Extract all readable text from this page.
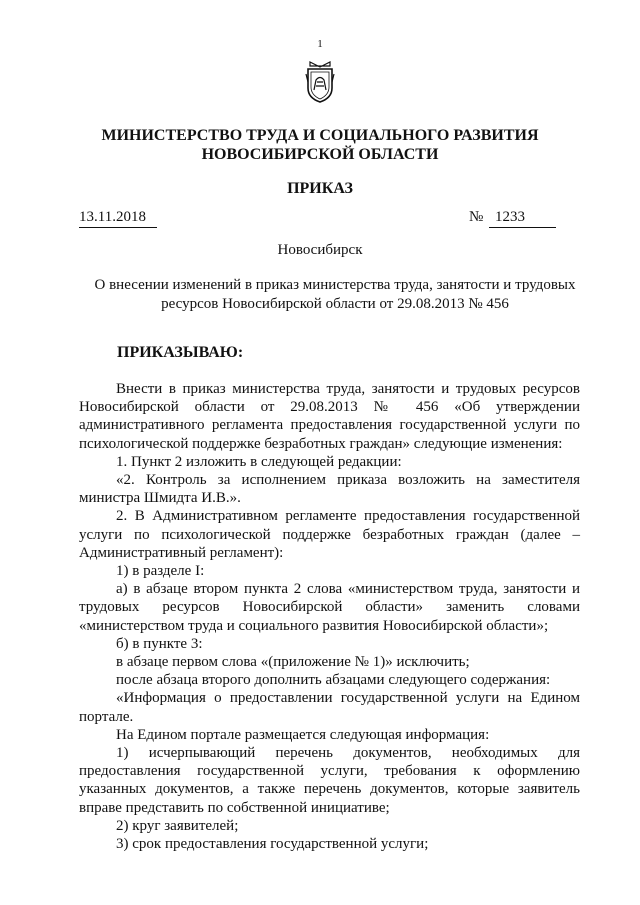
1
МИНИСТЕРСТВО ТРУДА И СОЦИАЛЬНОГО РАЗВИТИЯ
НОВОСИБИРСКОЙ ОБЛАСТИ
ПРИКАЗ
13.11.2018	№ 1233
Новосибирск
О внесении изменений в приказ министерства труда, занятости и трудовых ресурсов Новосибирской области от 29.08.2013 № 456
ПРИКАЗЫВАЮ:

Внести в приказ министерства труда, занятости и трудовых ресурсов Новосибирской области от 29.08.2013 № 456 «Об утверждении административного регламента предоставления государственной услуги по психологической поддержке безработных граждан» следующие изменения:

1. Пункт 2 изложить в следующей редакции:

«2. Контроль за исполнением приказа возложить на заместителя министра Шмидта И.В.».

2. В Административном регламенте предоставления государственной услуги по психологической поддержке безработных граждан (далее – Административный регламент):

1) в разделе I:

а) в абзаце втором пункта 2 слова «министерством труда, занятости и трудовых ресурсов Новосибирской области» заменить словами «министерством труда и социального развития Новосибирской области»;

б) в пункте 3:

в абзаце первом слова «(приложение № 1)» исключить;

после абзаца второго дополнить абзацами следующего содержания:

«Информация о предоставлении государственной услуги на Едином портале.

На Едином портале размещается следующая информация:

1) исчерпывающий перечень документов, необходимых для предоставления государственной услуги, требования к оформлению указанных документов, а также перечень документов, которые заявитель вправе представить по собственной инициативе;

2) круг заявителей;

3) срок предоставления государственной услуги;
